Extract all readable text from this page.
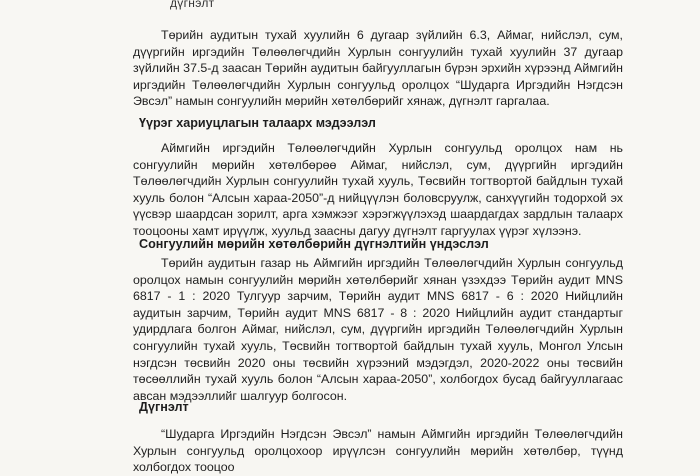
дүгнэлт

Төрийн аудитын тухай хуулийн 6 дугаар зүйлийн 6.3, Аймаг, нийслэл, сум, дүүргийн иргэдийн Төлөөлөгчдийн Хурлын сонгуулийн тухай хуулийн 37 дугаар зүйлийн 37.5-д заасан Төрийн аудитын байгууллагын бүрэн эрхийн хүрээнд Аймгийн иргэдийн Төлөөлөгчдийн Хурлын сонгуульд оролцох “Шударга Иргэдийн Нэгдсэн Эвсэл” намын сонгуулийн мөрийн хөтөлбөрийг хянаж, дүгнэлт гаргалаа.

Үүрэг хариуцлагын талаарх мэдээлэл

Аймгийн иргэдийн Төлөөлөгчдийн Хурлын сонгуульд оролцох нам нь сонгуулийн мөрийн хөтөлбөрөө Аймаг, нийслэл, сум, дүүргийн иргэдийн Төлөөлөгчдийн Хурлын сонгуулийн тухай хууль, Төсвийн тогтвортой байдлын тухай хууль болон “Алсын хараа-2050”-д нийцүүлэн боловсруулж, санхүүгийн тодорхой эх үүсвэр шаардсан зорилт, арга хэмжээг хэрэгжүүлэхэд шаардагдах зардлын талаарх тооцооны хамт ирүүлж, хуульд заасны дагуу дүгнэлт гаргуулах үүрэг хүлээнэ.

Сонгуулийн мөрийн хөтөлбөрийн дүгнэлтийн үндэслэл

Төрийн аудитын газар нь Аймгийн иргэдийн Төлөөлөгчдийн Хурлын сонгуульд оролцох намын сонгуулийн мөрийн хөтөлбөрийг хянан үзэхдээ Төрийн аудит MNS 6817 - 1 : 2020 Тулгуур зарчим, Төрийн аудит MNS 6817 - 6 : 2020 Нийцлийн аудитын зарчим, Төрийн аудит MNS 6817 - 8 : 2020 Нийцлийн аудит стандартыг удирдлага болгон Аймаг, нийслэл, сум, дүүргийн иргэдийн Төлөөлөгчдийн Хурлын сонгуулийн тухай хууль, Төсвийн тогтвортой байдлын тухай хууль, Монгол Улсын нэгдсэн төсвийн 2020 оны төсвийн хүрээний мэдэгдэл, 2020-2022 оны төсвийн төсөөллийн тухай хууль болон “Алсын хараа-2050”, холбогдох бусад байгууллагаас авсан мэдээллийг шалгуур болгосон.

Дүгнэлт

“Шударга Иргэдийн Нэгдсэн Эвсэл” намын Аймгийн иргэдийн Төлөөлөгчдийн Хурлын сонгуульд оролцохоор ирүүлсэн сонгуулийн мөрийн хөтөлбөр, түүнд холбогдох тооцоо
